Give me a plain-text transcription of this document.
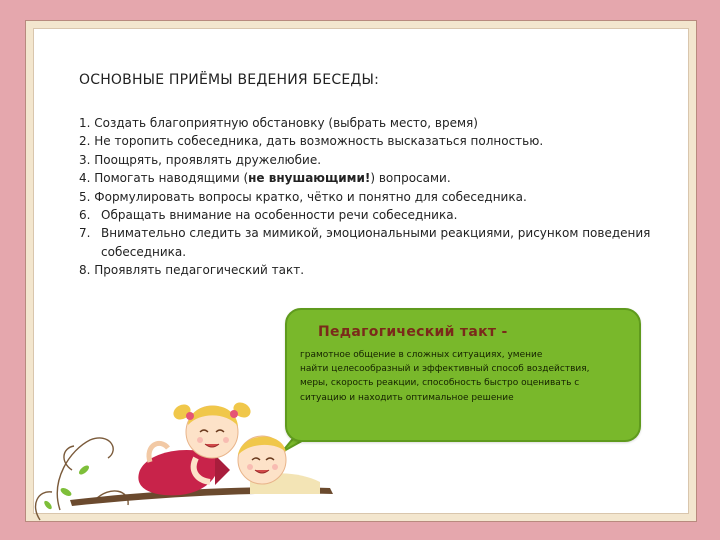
ОСНОВНЫЕ ПРИЁМЫ ВЕДЕНИЯ БЕСЕДЫ:
1. Создать благоприятную обстановку (выбрать место, время)
2. Не торопить собеседника, дать возможность высказаться полностью.
3. Поощрять, проявлять дружелюбие.
4. Помогать наводящими (не внушающими!) вопросами.
5. Формулировать вопросы кратко, чётко и понятно для собеседника.
6. Обращать внимание на особенности речи собеседника.
7. Внимательно следить за мимикой, эмоциональными реакциями, рисунком поведения
собеседника.
8. Проявлять педагогический такт.
Педагогический такт -
грамотное общение в сложных ситуациях, умение
найти целесообразный и эффективный способ воздействия,
меры, скорость реакции, способность быстро оценивать с
ситуацию и находить оптимальное решение
